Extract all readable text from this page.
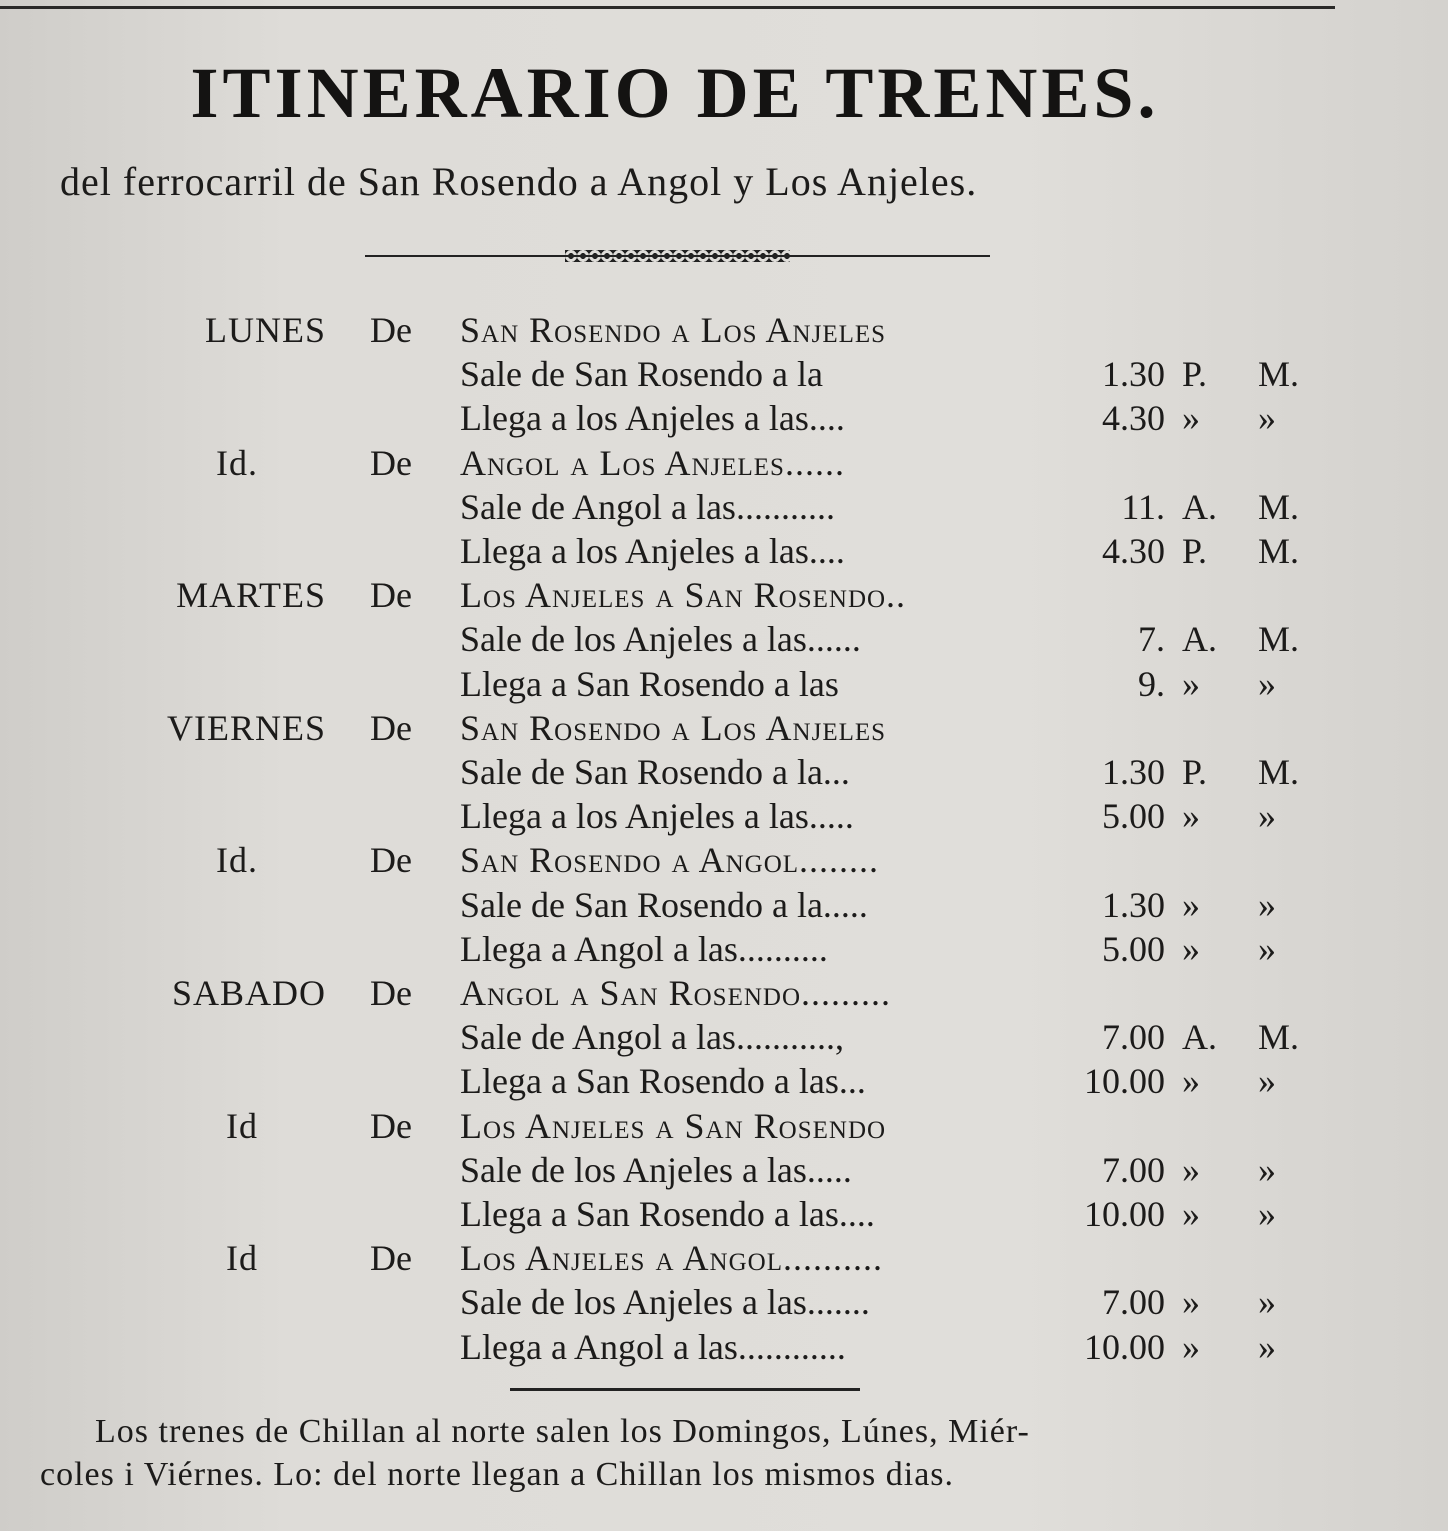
ITINERARIO DE TRENES.
del ferrocarril de San Rosendo a Angol y Los Anjeles.
LUNES De San Rosendo a Los Anjeles
Sale de San Rosendo a la	1.30 P. M.
Llega a los Anjeles a las....	4.30 » »
Id.	De Angol a Los Anjeles......
Sale de Angol a las...........	11. A. M.
Llega a los Anjeles a las....	4.30 P. M.
MARTES De Los Anjeles a San Rosendo..
Sale de los Anjeles a las......	7. A. M.
Llega a San Rosendo a las	9. » »
VIERNES De San Rosendo a Los Anjeles
Sale de San Rosendo a la...	1.30 P. M.
Llega a los Anjeles a las.....	5.00 » »
Id.	De San Rosendo a Angol........
Sale de San Rosendo a la.....	1.30 » »
Llega a Angol a las..........	5.00 » »
SABADO De Angol a San Rosendo.........
Sale de Angol a las...........,	7.00 A. M.
Llega a San Rosendo a las...	10.00 » »
Id	De Los Anjeles a San Rosendo
Sale de los Anjeles a las.....	7.00 » »
Llega a San Rosendo a las....	10.00 » »
Id	De Los Anjeles a Angol..........
Sale de los Anjeles a las.......	7.00 » »
Llega a Angol a las............	10.00 » »
Los trenes de Chillan al norte salen los Domingos, Lúnes, Miér-
coles i Viérnes. Lo: del norte llegan a Chillan los mismos dias.
